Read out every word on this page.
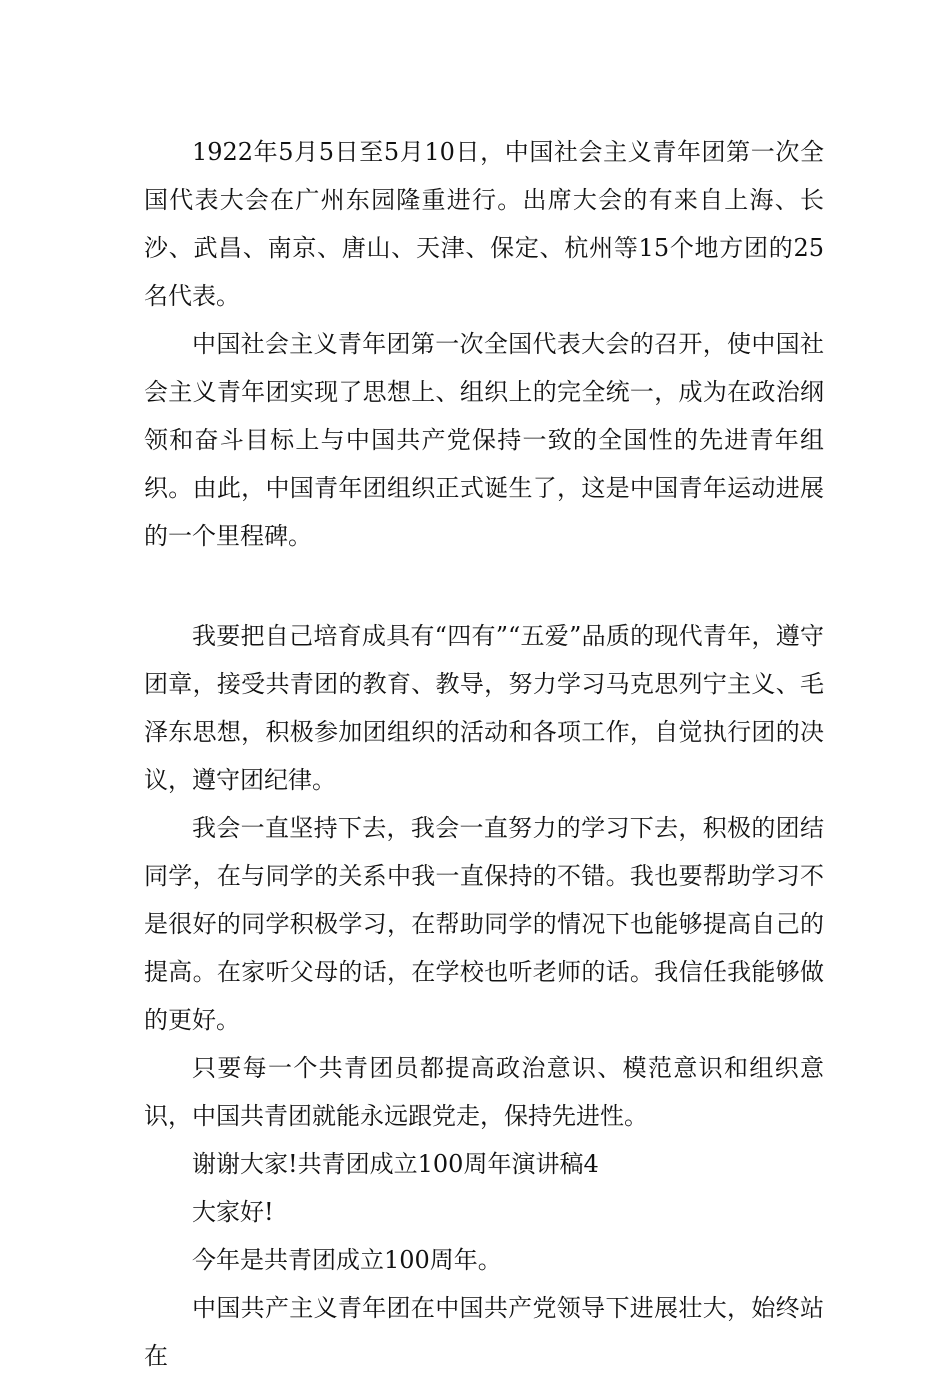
1922年5月5日至5月10日，中国社会主义青年团第一次全国代表大会在广州东园隆重进行。出席大会的有来自上海、长沙、武昌、南京、唐山、天津、保定、杭州等15个地方团的25名代表。

中国社会主义青年团第一次全国代表大会的召开，使中国社会主义青年团实现了思想上、组织上的完全统一，成为在政治纲领和奋斗目标上与中国共产党保持一致的全国性的先进青年组织。由此，中国青年团组织正式诞生了，这是中国青年运动进展的一个里程碑。

我要把自己培育成具有“四有”“五爱”品质的现代青年，遵守团章，接受共青团的教育、教导，努力学习马克思列宁主义、毛泽东思想，积极参加团组织的活动和各项工作，自觉执行团的决议，遵守团纪律。

我会一直坚持下去，我会一直努力的学习下去，积极的团结同学，在与同学的关系中我一直保持的不错。我也要帮助学习不是很好的同学积极学习，在帮助同学的情况下也能够提高自己的提高。在家听父母的话，在学校也听老师的话。我信任我能够做的更好。

只要每一个共青团员都提高政治意识、模范意识和组织意识，中国共青团就能永远跟党走，保持先进性。

谢谢大家!共青团成立100周年演讲稿4

大家好!

今年是共青团成立100周年。

中国共产主义青年团在中国共产党领导下进展壮大，始终站在
